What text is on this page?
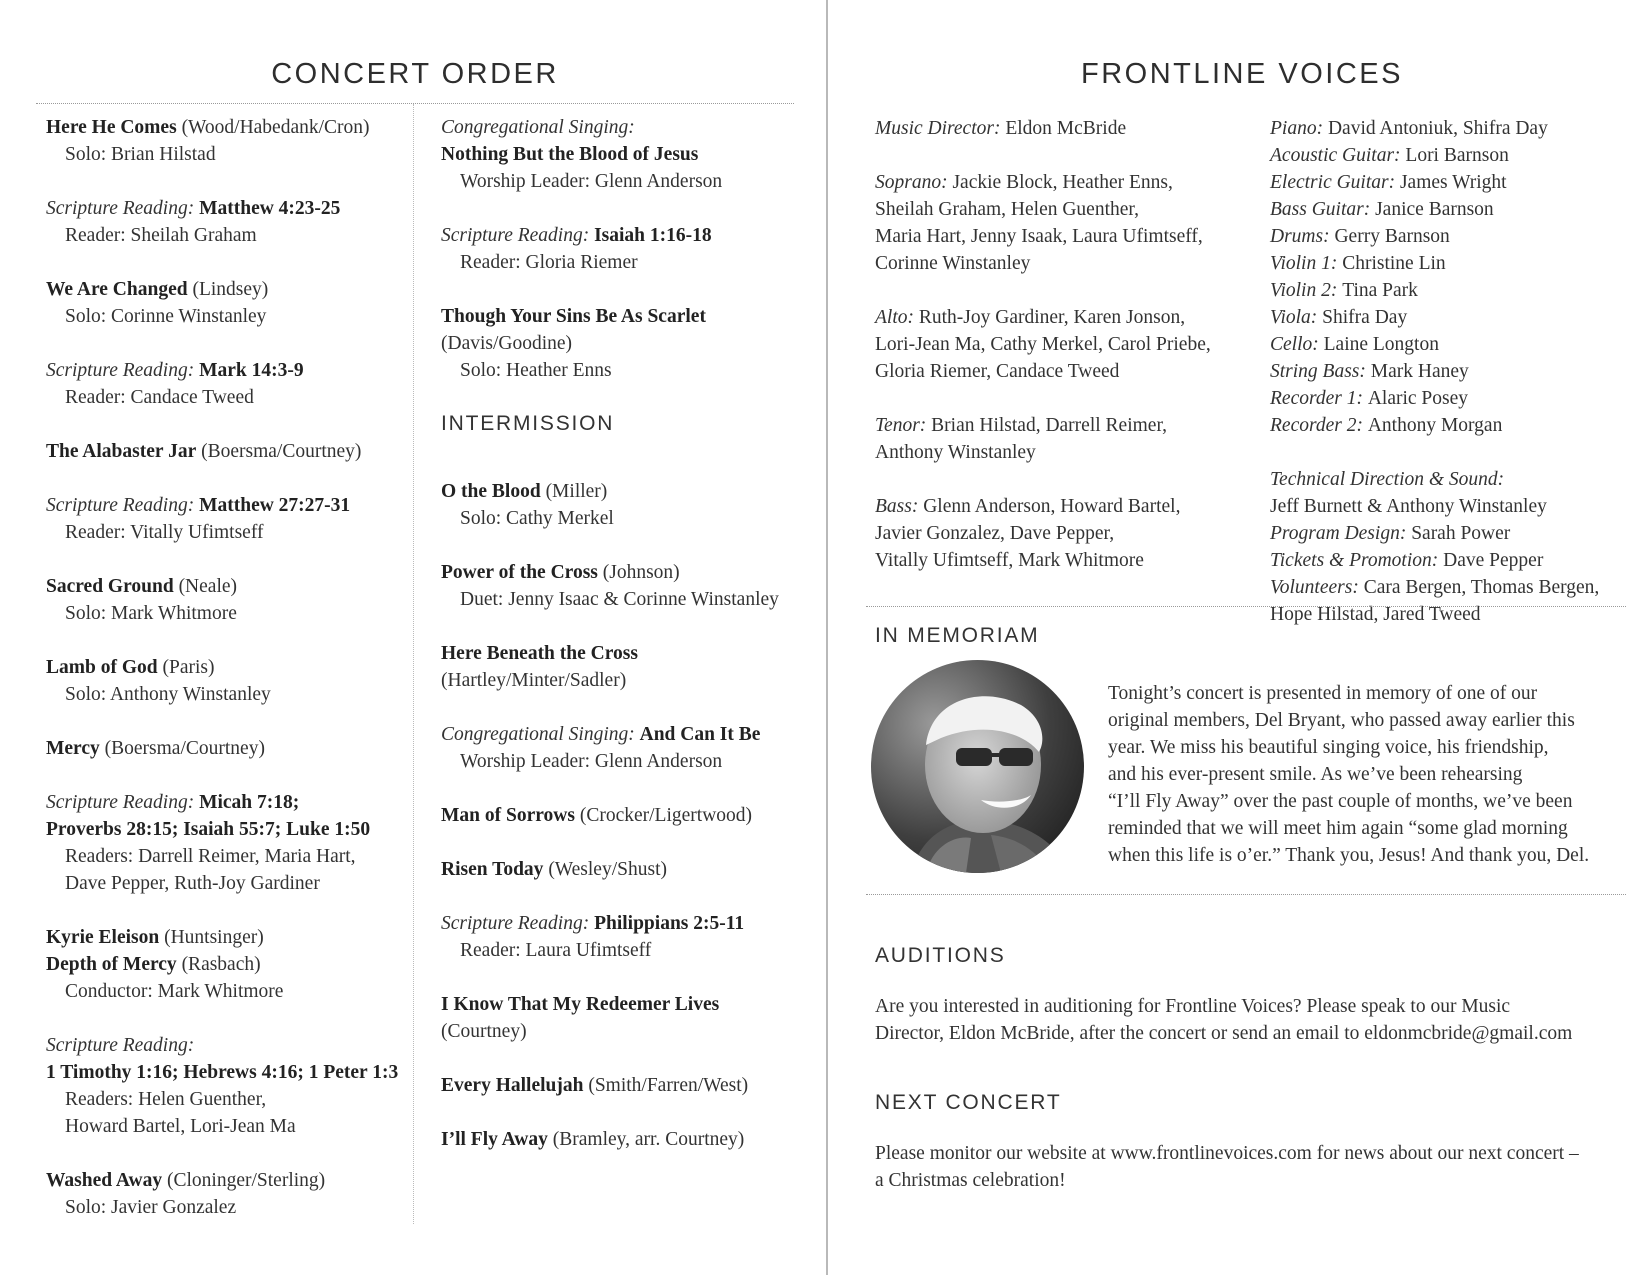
CONCERT ORDER
Here He Comes (Wood/Habedank/Cron)
Solo: Brian Hilstad
Scripture Reading: Matthew 4:23-25
Reader: Sheilah Graham
We Are Changed (Lindsey)
Solo: Corinne Winstanley
Scripture Reading: Mark 14:3-9
Reader: Candace Tweed
The Alabaster Jar (Boersma/Courtney)
Scripture Reading: Matthew 27:27-31
Reader: Vitally Ufimtseff
Sacred Ground (Neale)
Solo: Mark Whitmore
Lamb of God (Paris)
Solo: Anthony Winstanley
Mercy (Boersma/Courtney)
Scripture Reading: Micah 7:18;
Proverbs 28:15; Isaiah 55:7; Luke 1:50
Readers: Darrell Reimer, Maria Hart,
Dave Pepper, Ruth-Joy Gardiner
Kyrie Eleison (Huntsinger)
Depth of Mercy (Rasbach)
Conductor: Mark Whitmore
Scripture Reading:
1 Timothy 1:16; Hebrews 4:16; 1 Peter 1:3
Readers: Helen Guenther,
Howard Bartel, Lori-Jean Ma
Washed Away (Cloninger/Sterling)
Solo: Javier Gonzalez
Congregational Singing:
Nothing But the Blood of Jesus
Worship Leader: Glenn Anderson
Scripture Reading: Isaiah 1:16-18
Reader: Gloria Riemer
Though Your Sins Be As Scarlet
(Davis/Goodine)
Solo: Heather Enns
INTERMISSION
O the Blood (Miller)
Solo: Cathy Merkel
Power of the Cross (Johnson)
Duet: Jenny Isaac & Corinne Winstanley
Here Beneath the Cross
(Hartley/Minter/Sadler)
Congregational Singing: And Can It Be
Worship Leader: Glenn Anderson
Man of Sorrows (Crocker/Ligertwood)
Risen Today (Wesley/Shust)
Scripture Reading: Philippians 2:5-11
Reader: Laura Ufimtseff
I Know That My Redeemer Lives
(Courtney)
Every Hallelujah (Smith/Farren/West)
I’ll Fly Away (Bramley, arr. Courtney)
FRONTLINE VOICES
Music Director: Eldon McBride
Soprano: Jackie Block, Heather Enns,
Sheilah Graham, Helen Guenther,
Maria Hart, Jenny Isaak, Laura Ufimtseff,
Corinne Winstanley
Alto: Ruth-Joy Gardiner, Karen Jonson,
Lori-Jean Ma, Cathy Merkel, Carol Priebe,
Gloria Riemer, Candace Tweed
Tenor: Brian Hilstad, Darrell Reimer,
Anthony Winstanley
Bass: Glenn Anderson, Howard Bartel,
Javier Gonzalez, Dave Pepper,
Vitally Ufimtseff, Mark Whitmore
Piano: David Antoniuk, Shifra Day
Acoustic Guitar: Lori Barnson
Electric Guitar: James Wright
Bass Guitar: Janice Barnson
Drums: Gerry Barnson
Violin 1: Christine Lin
Violin 2: Tina Park
Viola: Shifra Day
Cello: Laine Longton
String Bass: Mark Haney
Recorder 1: Alaric Posey
Recorder 2: Anthony Morgan
Technical Direction & Sound:
Jeff Burnett & Anthony Winstanley
Program Design: Sarah Power
Tickets & Promotion: Dave Pepper
Volunteers: Cara Bergen, Thomas Bergen,
Hope Hilstad, Jared Tweed
IN MEMORIAM
Tonight’s concert is presented in memory of one of our
original members, Del Bryant, who passed away earlier this
year. We miss his beautiful singing voice, his friendship,
and his ever-present smile. As we’ve been rehearsing
“I’ll Fly Away” over the past couple of months, we’ve been
reminded that we will meet him again “some glad morning
when this life is o’er.” Thank you, Jesus! And thank you, Del.
AUDITIONS
Are you interested in auditioning for Frontline Voices? Please speak to our Music
Director, Eldon McBride, after the concert or send an email to eldonmcbride@gmail.com
NEXT CONCERT
Please monitor our website at www.frontlinevoices.com for news about our next concert –
a Christmas celebration!
